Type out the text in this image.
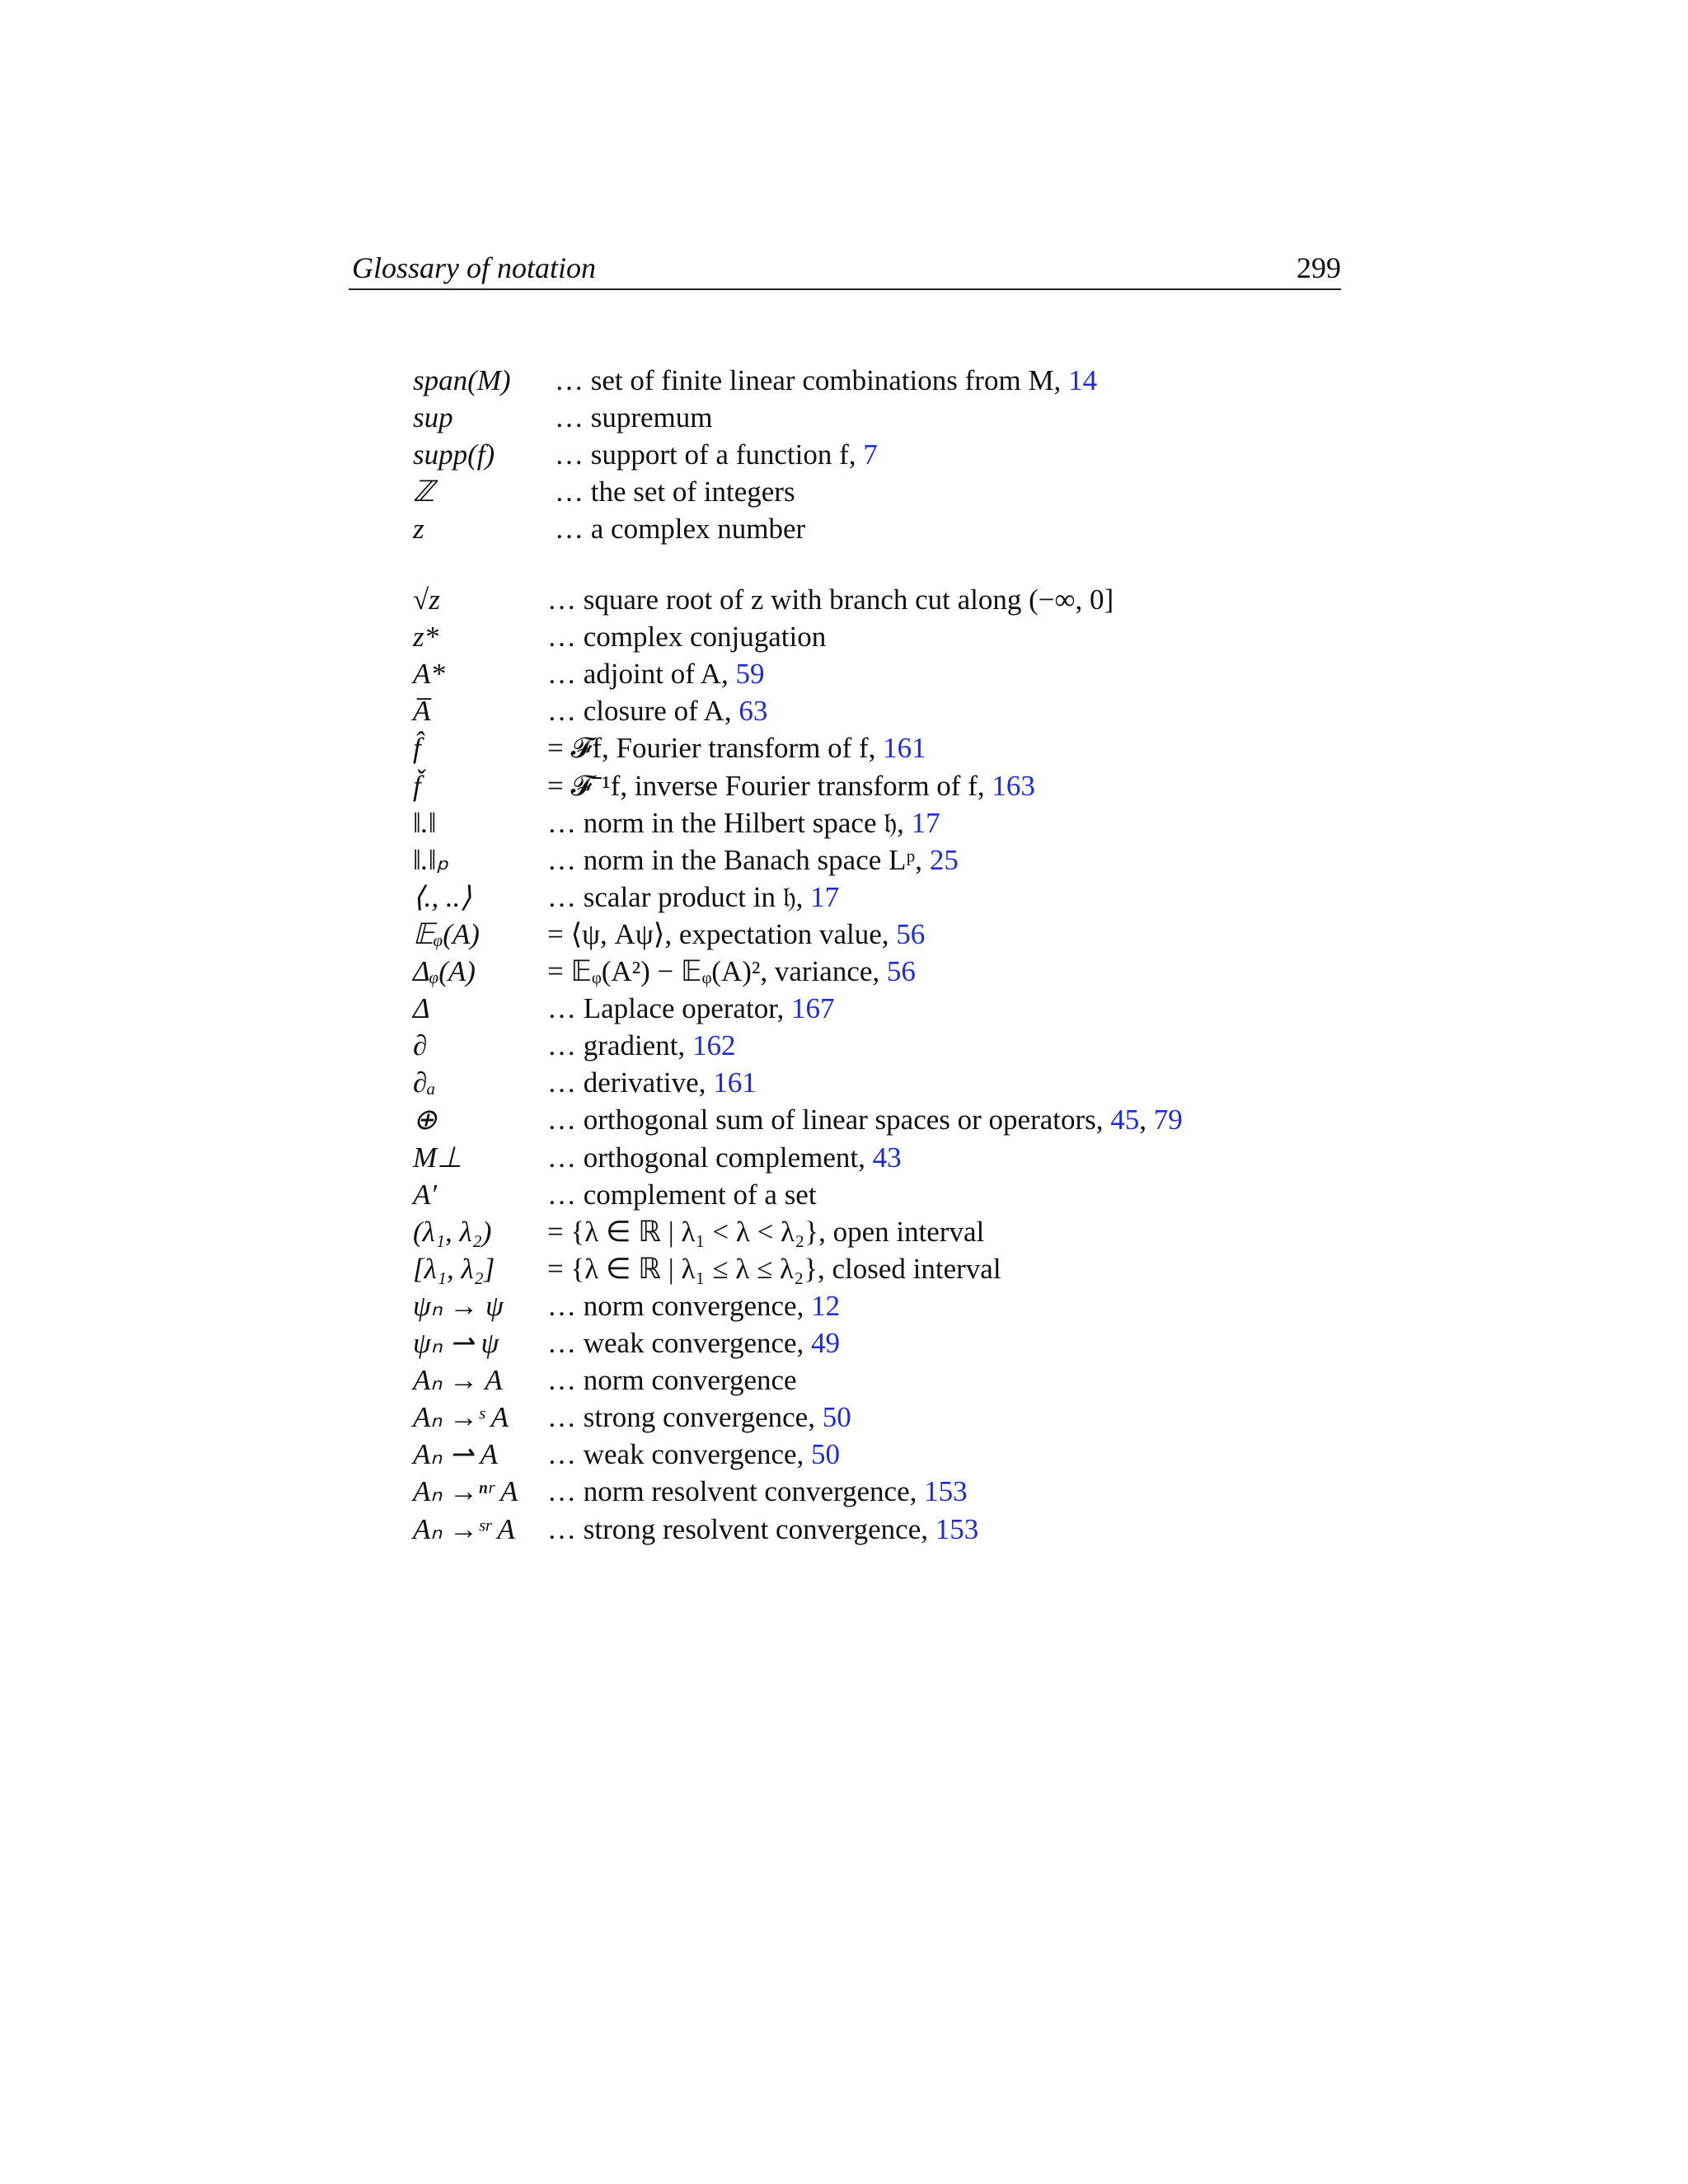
Glossary of notation	299
span(M) … set of finite linear combinations from M, 14
sup	… supremum
supp(f) … support of a function f, 7
ℤ	… the set of integers
z	… a complex number
√z	… square root of z with branch cut along (−∞, 0]
z*	… complex conjugation
A*	… adjoint of A, 59
A̅	… closure of A, 63
f̂	= 𝓕f, Fourier transform of f, 161
f̌	= 𝓕⁻¹f, inverse Fourier transform of f, 163
‖.‖	… norm in the Hilbert space 𝔥, 17
‖.‖ₚ	… norm in the Banach space Lᵖ, 25
⟨., ..⟩	… scalar product in 𝔥, 17
𝔼ᵩ(A) = ⟨ψ, Aψ⟩, expectation value, 56
Δᵩ(A) = 𝔼ᵩ(A²) − 𝔼ᵩ(A)², variance, 56
Δ	… Laplace operator, 167
∂	… gradient, 162
∂ₐ	… derivative, 161
⊕	… orthogonal sum of linear spaces or operators, 45, 79
M⊥	… orthogonal complement, 43
A′	… complement of a set
(λ₁, λ₂) = {λ ∈ ℝ | λ₁ < λ < λ₂}, open interval
[λ₁, λ₂] = {λ ∈ ℝ | λ₁ ≤ λ ≤ λ₂}, closed interval
ψₙ → ψ … norm convergence, 12
ψₙ ⇀ ψ … weak convergence, 49
Aₙ → A … norm convergence
Aₙ →ˢ A … strong convergence, 50
Aₙ ⇀ A … weak convergence, 50
Aₙ →ⁿʳ A … norm resolvent convergence, 153
Aₙ →ˢʳ A … strong resolvent convergence, 153
